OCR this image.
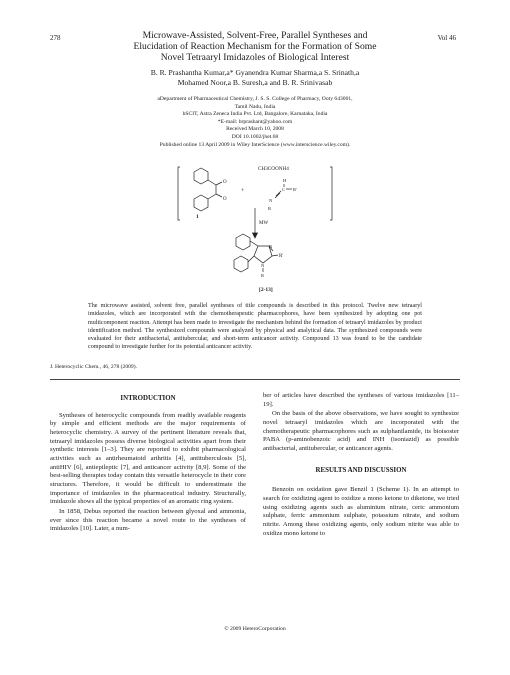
278	Vol 46
Microwave-Assisted, Solvent-Free, Parallel Syntheses and
Elucidation of Reaction Mechanism for the Formation of Some
Novel Tetraaryl Imidazoles of Biological Interest
B. R. Prashantha Kumar,a* Gyanendra Kumar Sharma,a S. Srinath,a
Mohamed Noor,a B. Suresh,a and B. R. Srinivasab
aDepartment of Pharmaceutical Chemistry, J. S. S. College of Pharmacy, Ooty 643001,
Tamil Nadu, India
bSCIT, Astra Zeneca India Pvt. Ltd, Bangalore, Karnataka, India
*E-mail: brprashant@yahoo.com
Received March 10, 2008
DOI 10.1002/jhet.68
Published online 13 April 2009 in Wiley InterScience (www.interscience.wiley.com).
O
O
1
+
CH3COONH4
H
C R'
N
R
MW
R'
N
N
R
[2-13]
The microwave assisted, solvent free, parallel syntheses of title compounds is described in this protocol. Twelve new tetraaryl imidazoles, which are incorporated with the chemotherapeutic pharmacophores, have been synthesized by adopting one pot multicomponent reaction. Attempt has been made to investigate the mechanism behind the formation of tetraaryl imidazoles by product identification method. The synthesized compounds were analyzed by physical and analytical data. The synthesized compounds were evaluated for their antibacterial, antitubercular, and short-term anticancer activity. Compound 13 was found to be the candidate compound to investigate further for its potential anticancer activity.
J. Heterocyclic Chem., 46, 278 (2009).
INTRODUCTION

Syntheses of heterocyclic compounds from readily available reagents by simple and efficient methods are the major requirements of heterocyclic chemistry. A survey of the pertinent literature reveals that, tetraaryl imidazoles possess diverse biological activities apart from their synthetic interests [1–3]. They are reported to exhibit pharmacological activities such as antirheumatoid arthritis [4], antituberculosis [5], antiHIV [6], antiepileptic [7], and anticancer activity [8,9]. Some of the best-selling therapies today contain this versatile heterocycle in their core structures. Therefore, it would be difficult to underestimate the importance of imidazoles in the pharmaceutical industry. Structurally, imidazole shows all the typical properties of an aromatic ring system.

In 1858, Debus reported the reaction between glyoxal and ammonia, ever since this reaction became a novel route to the syntheses of imidazoles [10]. Later, a num-

ber of articles have described the syntheses of various imidazoles [11–19].

On the basis of the above observations, we have sought to synthesize novel tetraaryl imidazoles which are incorporated with the chemotherapeutic pharmacophores such as sulphanilamide, its bioisoster PABA (p-aminobenzoic acid) and INH (isoniazid) as possible antibacterial, antitubercular, or anticancer agents.

RESULTS AND DISCUSSION

Benzoin on oxidation gave Benzil 1 (Scheme 1). In an attempt to search for oxidizing agent to oxidize a mono ketone to diketone, we tried using oxidizing agents such as aluminium nitrate, ceric ammonium sulphate, ferric ammonium sulphate, potassium nitrate, and sodium nitrite. Among these oxidizing agents, only sodium nitrite was able to oxidize mono ketone to

© 2009 HeteroCorporation
